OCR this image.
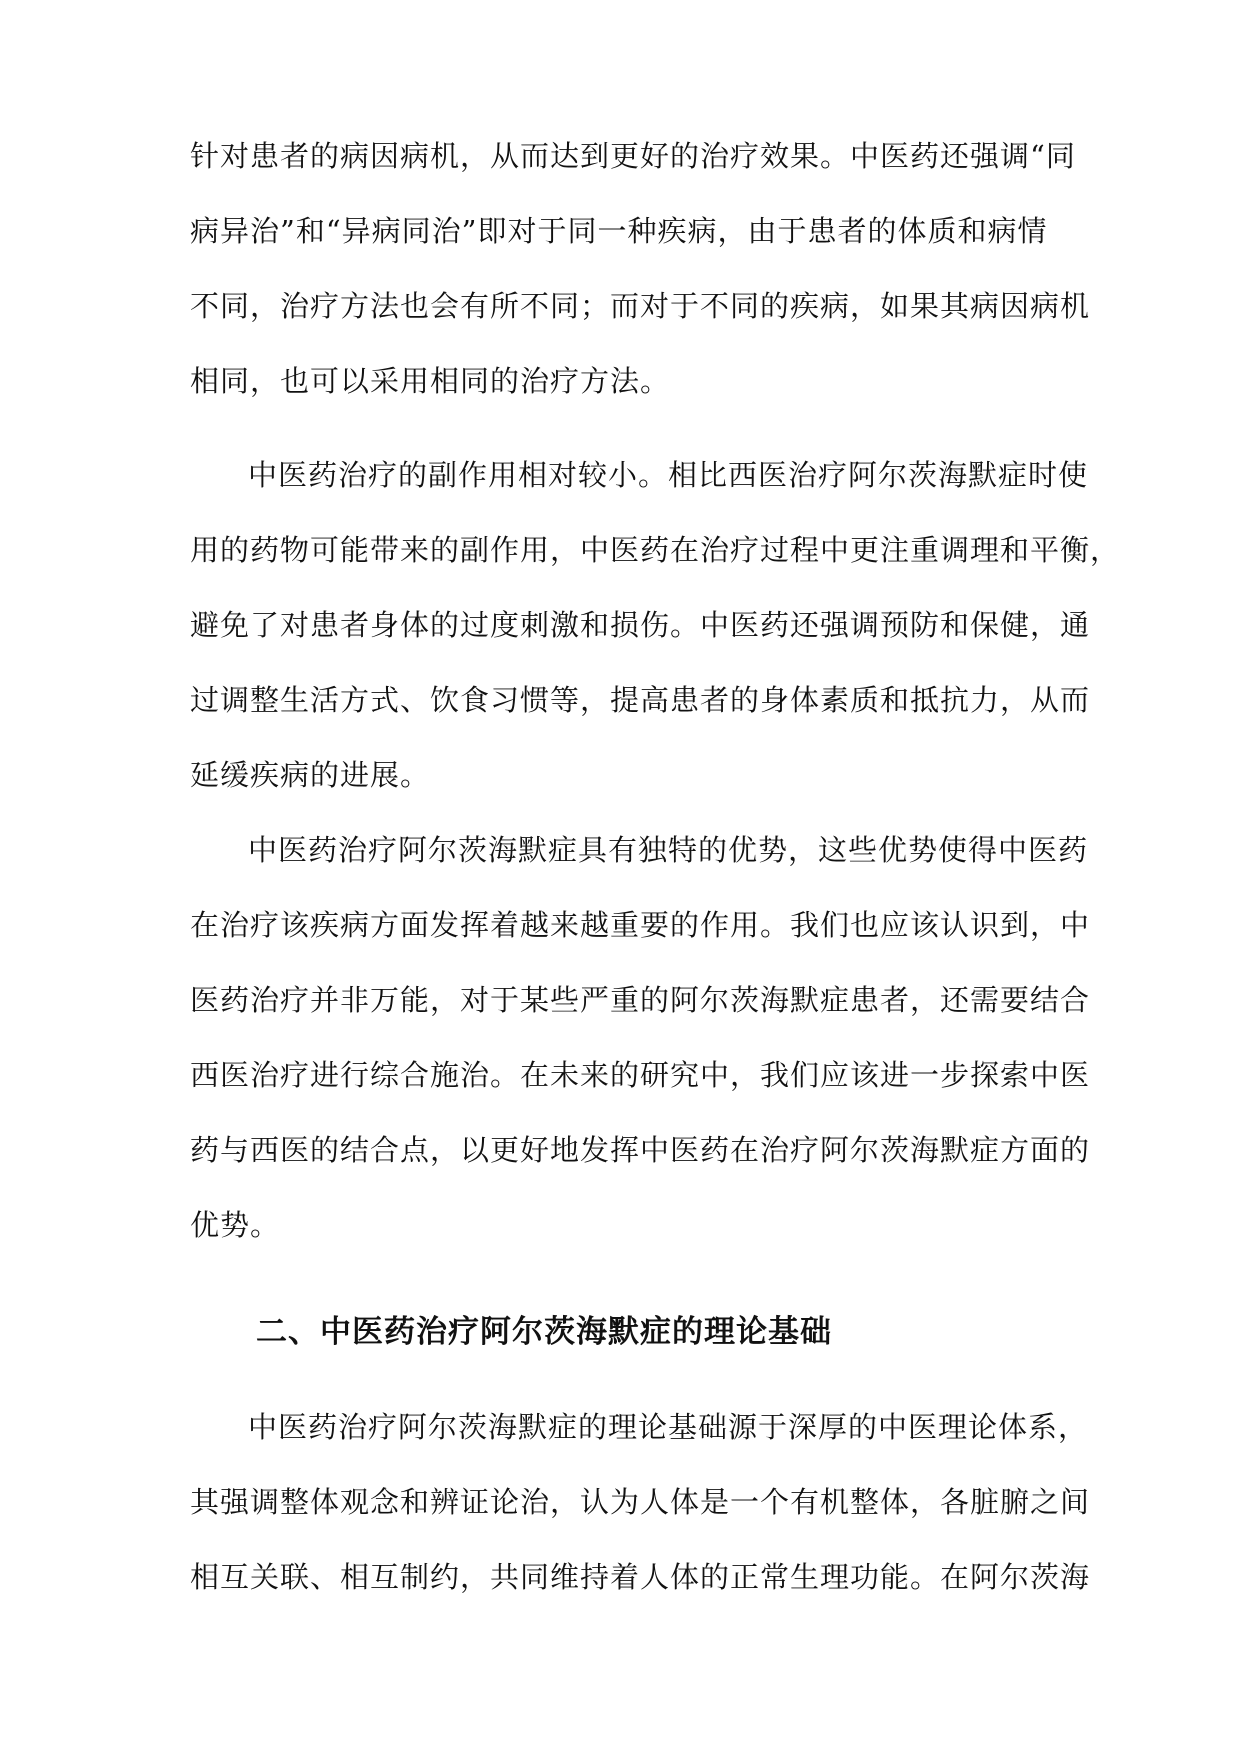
针对患者的病因病机，从而达到更好的治疗效果。中医药还强调“同
病异治”和“异病同治”即对于同一种疾病，由于患者的体质和病情
不同，治疗方法也会有所不同；而对于不同的疾病，如果其病因病机
相同，也可以采用相同的治疗方法。
中医药治疗的副作用相对较小。相比西医治疗阿尔茨海默症时使
用的药物可能带来的副作用，中医药在治疗过程中更注重调理和平衡，
避免了对患者身体的过度刺激和损伤。中医药还强调预防和保健，通
过调整生活方式、饮食习惯等，提高患者的身体素质和抵抗力，从而
延缓疾病的进展。
中医药治疗阿尔茨海默症具有独特的优势，这些优势使得中医药
在治疗该疾病方面发挥着越来越重要的作用。我们也应该认识到，中
医药治疗并非万能，对于某些严重的阿尔茨海默症患者，还需要结合
西医治疗进行综合施治。在未来的研究中，我们应该进一步探索中医
药与西医的结合点，以更好地发挥中医药在治疗阿尔茨海默症方面的
优势。
二、中医药治疗阿尔茨海默症的理论基础
中医药治疗阿尔茨海默症的理论基础源于深厚的中医理论体系，
其强调整体观念和辨证论治，认为人体是一个有机整体，各脏腑之间
相互关联、相互制约，共同维持着人体的正常生理功能。在阿尔茨海
